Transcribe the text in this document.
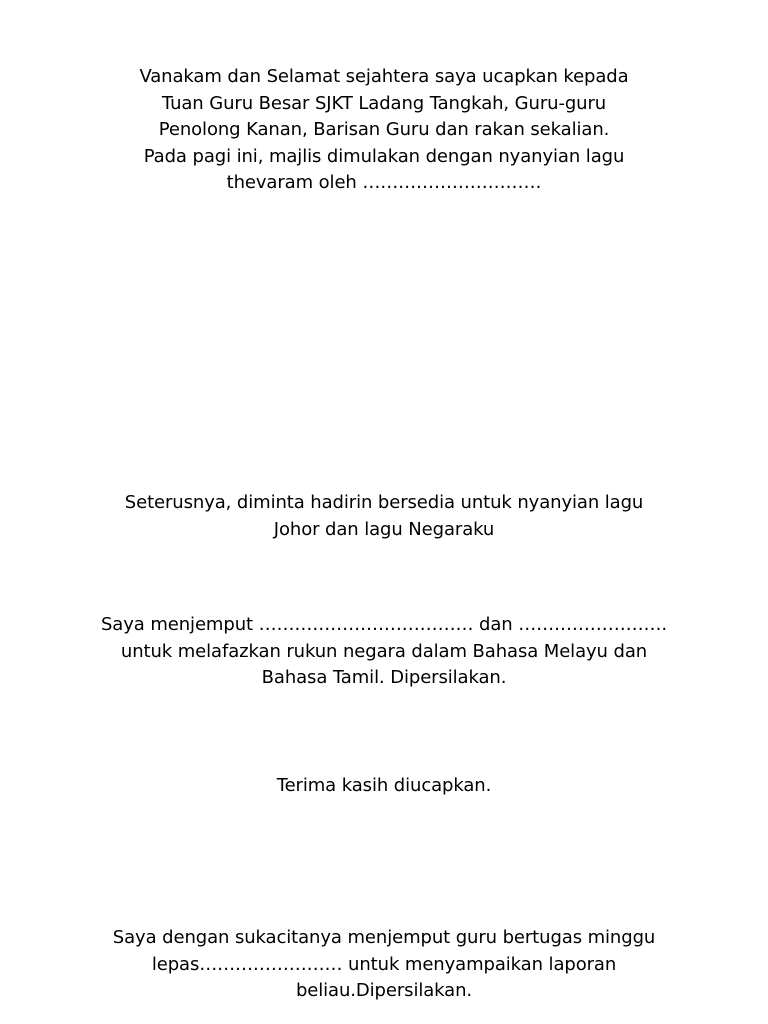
Vanakam dan Selamat sejahtera saya ucapkan kepada
Tuan Guru Besar SJKT Ladang Tangkah, Guru-guru
Penolong Kanan, Barisan Guru dan rakan sekalian.
Pada pagi ini, majlis dimulakan dengan nyanyian lagu
thevaram oleh …………………………
Seterusnya, diminta hadirin bersedia untuk nyanyian lagu
Johor dan lagu Negaraku
Saya menjemput ……………………………… dan …………………….
untuk melafazkan rukun negara dalam Bahasa Melayu dan
Bahasa Tamil. Dipersilakan.
Terima kasih diucapkan.
Saya dengan sukacitanya menjemput guru bertugas minggu
lepas…………………… untuk menyampaikan laporan
beliau.Dipersilakan.
